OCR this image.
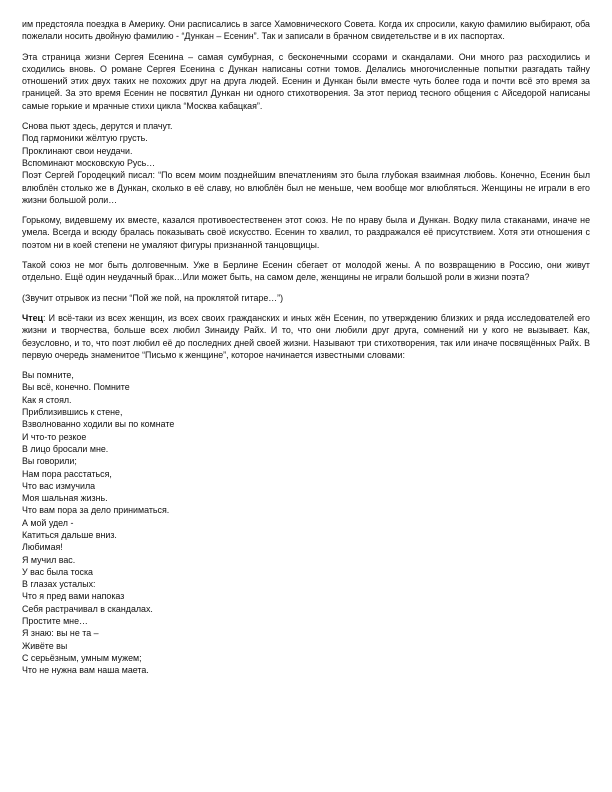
им предстояла поездка в Америку. Они расписались в загсе Хамовнического Совета. Когда их спросили, какую фамилию выбирают, оба пожелали носить двойную фамилию - “Дункан – Есенин”. Так и записали в брачном свидетельстве и в их паспортах.

Эта страница жизни Сергея Есенина – самая сумбурная, с бесконечными ссорами и скандалами. Они много раз расходились и сходились вновь. О романе Сергея Есенина с Дункан написаны сотни томов. Делались многочисленные попытки разгадать тайну отношений этих двух таких не похожих друг на друга людей. Есенин и Дункан были вместе чуть более года и почти всё это время за границей. За это время Есенин не посвятил Дункан ни одного стихотворения. За этот период тесного общения с Айседорой написаны самые горькие и мрачные стихи цикла “Москва кабацкая”.

Снова пьют здесь, дерутся и плачут.
Под гармоники жёлтую грусть.
Проклинают свои неудачи.
Вспоминают московскую Русь…

Поэт Сергей Городецкий писал: “По всем моим позднейшим впечатлениям это была глубокая взаимная любовь. Конечно, Есенин был влюблён столько же в Дункан, сколько в её славу, но влюблён был не меньше, чем вообще мог влюбляться. Женщины не играли в его жизни большой роли…

Горькому, видевшему их вместе, казался противоестественен этот союз. Не по нраву была и Дункан. Водку пила стаканами, иначе не умела. Всегда и всюду бралась показывать своё искусство. Есенин то хвалил, то раздражался её присутствием. Хотя эти отношения с поэтом ни в коей степени не умаляют фигуры признанной танцовщицы.

Такой союз не мог быть долговечным. Уже в Берлине Есенин сбегает от молодой жены. А по возвращению в Россию, они живут отдельно. Ещё один неудачный брак…Или может быть, на самом деле, женщины не играли большой роли в жизни поэта?

(Звучит отрывок из песни “Пой же пой, на проклятой гитаре…”)

Чтец: И всё-таки из всех женщин, из всех своих гражданских и иных жён Есенин, по утверждению близких и ряда исследователей его жизни и творчества, больше всех любил Зинаиду Райх. И то, что они любили друг друга, сомнений ни у кого не вызывает. Как, безусловно, и то, что поэт любил её до последних дней своей жизни. Называют три стихотворения, так или иначе посвящённых Райх. В первую очередь знаменитое “Письмо к женщине”, которое начинается известными словами:

Вы помните,
Вы всё, конечно. Помните
Как я стоял.
Приблизившись к стене,
Взволнованно ходили вы по комнате
И что-то резкое
В лицо бросали мне.
Вы говорили;
Нам пора расстаться,
Что вас измучила
Моя шальная жизнь.
Что вам пора за дело приниматься.
А мой удел -
Катиться дальше вниз.
Любимая!
Я мучил вас.
У вас была тоска
В глазах усталых:
Что я пред вами напоказ
Себя растрачивал в скандалах.
Простите мне…
Я знаю: вы не та –
Живёте вы
С серьёзным, умным мужем;
Что не нужна вам наша маета.
